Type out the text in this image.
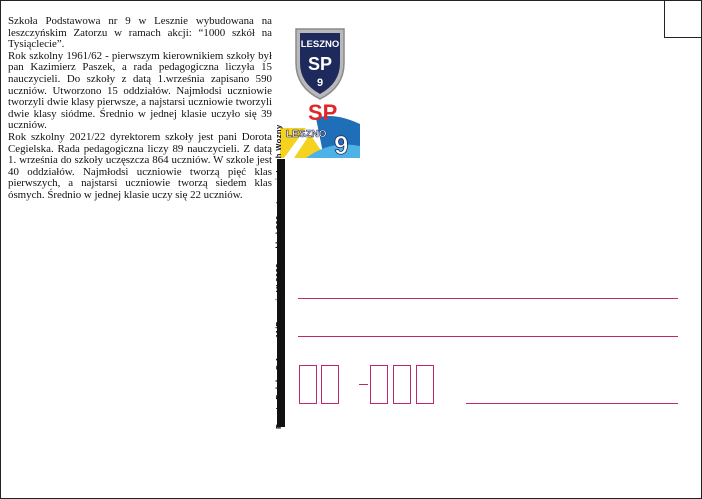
Szkoła Podstawowa nr 9 w Lesznie wybudowana na leszczyńskim Zatorzu w ramach akcji: “1000 szkół na Tysiąclecie”.

Rok szkolny 1961/62 - pierwszym kierownikiem szkoły był pan Kazimierz Paszek, a rada pedagogiczna liczyła 15 nauczycieli. Do szkoły z datą 1.września zapisano 590 uczniów. Utworzono 15 oddziałów. Najmłodsi uczniowie tworzyli dwie klasy pierwsze, a najstarsi uczniowie tworzyli dwie klasy siódme. Średnio w jednej klasie uczyło się 39 uczniów.

Rok szkolny 2021/22 dyrektorem szkoły jest pani Dorota Cegielska. Rada pedagogiczna liczy 89 nauczycieli. Z datą 1. września do szkoły uczęszcza 864 uczniów. W szkole jest 40 oddziałów. Najmłodsi uczniowie tworzą pięć klas pierwszych, a najstarsi uczniowie tworzą siedem klas ósmych. Średnio w jednej klasie uczy się 22 uczniów.

LESZNO
SP
9
SP
LESZNO 9
Poczta Polska S.A., nr 11/Poznań, VI 2022, nakład 500 szt., proj. Lech Wozny
